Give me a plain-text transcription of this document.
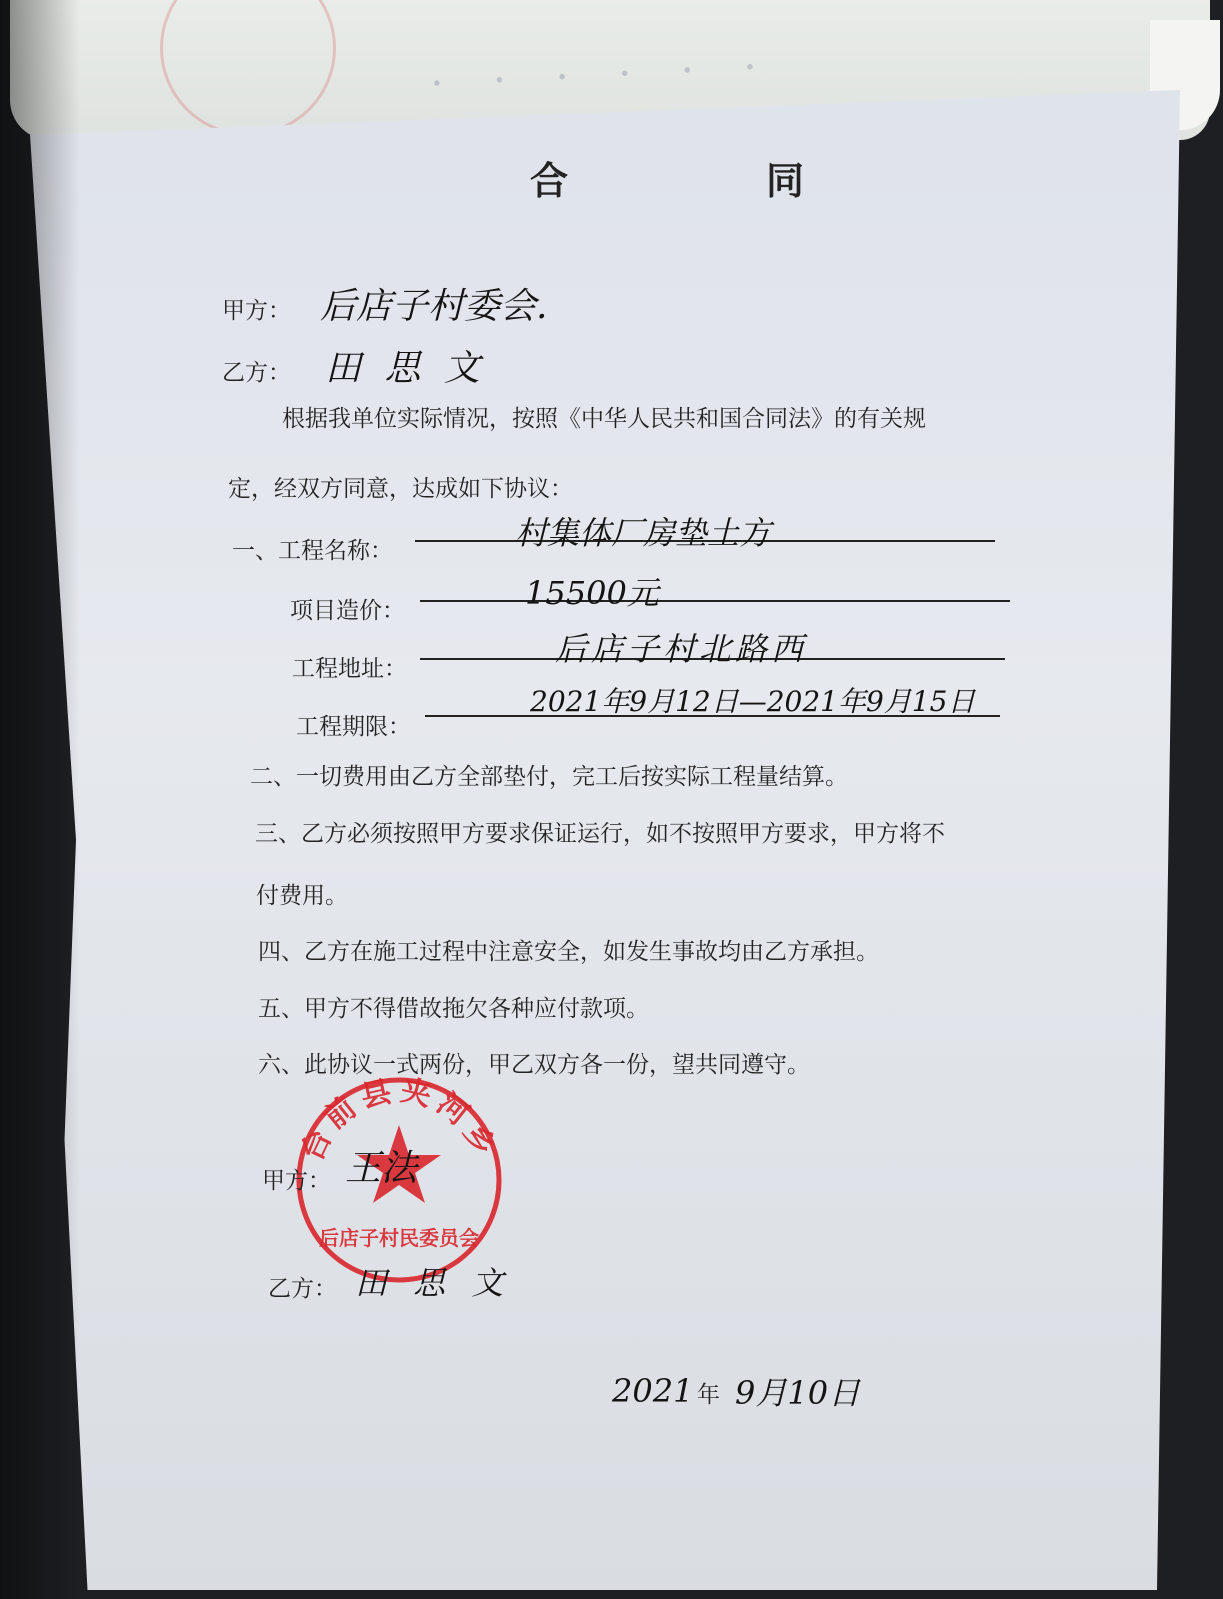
· · · · · ·
合　同
甲方： 后店子村委会.
乙方： 田 思 文
根据我单位实际情况，按照《中华人民共和国合同法》的有关规
定，经双方同意，达成如下协议：
一、工程名称：	村集体厂房垫土方
项目造价：	15500元
工程地址：
后店子村北路西
工程期限：
2021年9月12日—2021年9月15日
二、一切费用由乙方全部垫付，完工后按实际工程量结算。
三、乙方必须按照甲方要求保证运行，如不按照甲方要求，甲方将不
付费用。
四、乙方在施工过程中注意安全，如发生事故均由乙方承担。
五、甲方不得借故拖欠各种应付款项。
六、此协议一式两份，甲乙双方各一份，望共同遵守。
台前县夹河乡
后店子村民委员会
甲方： 王法
乙方： 田 思 文
2021 年 9月10日
